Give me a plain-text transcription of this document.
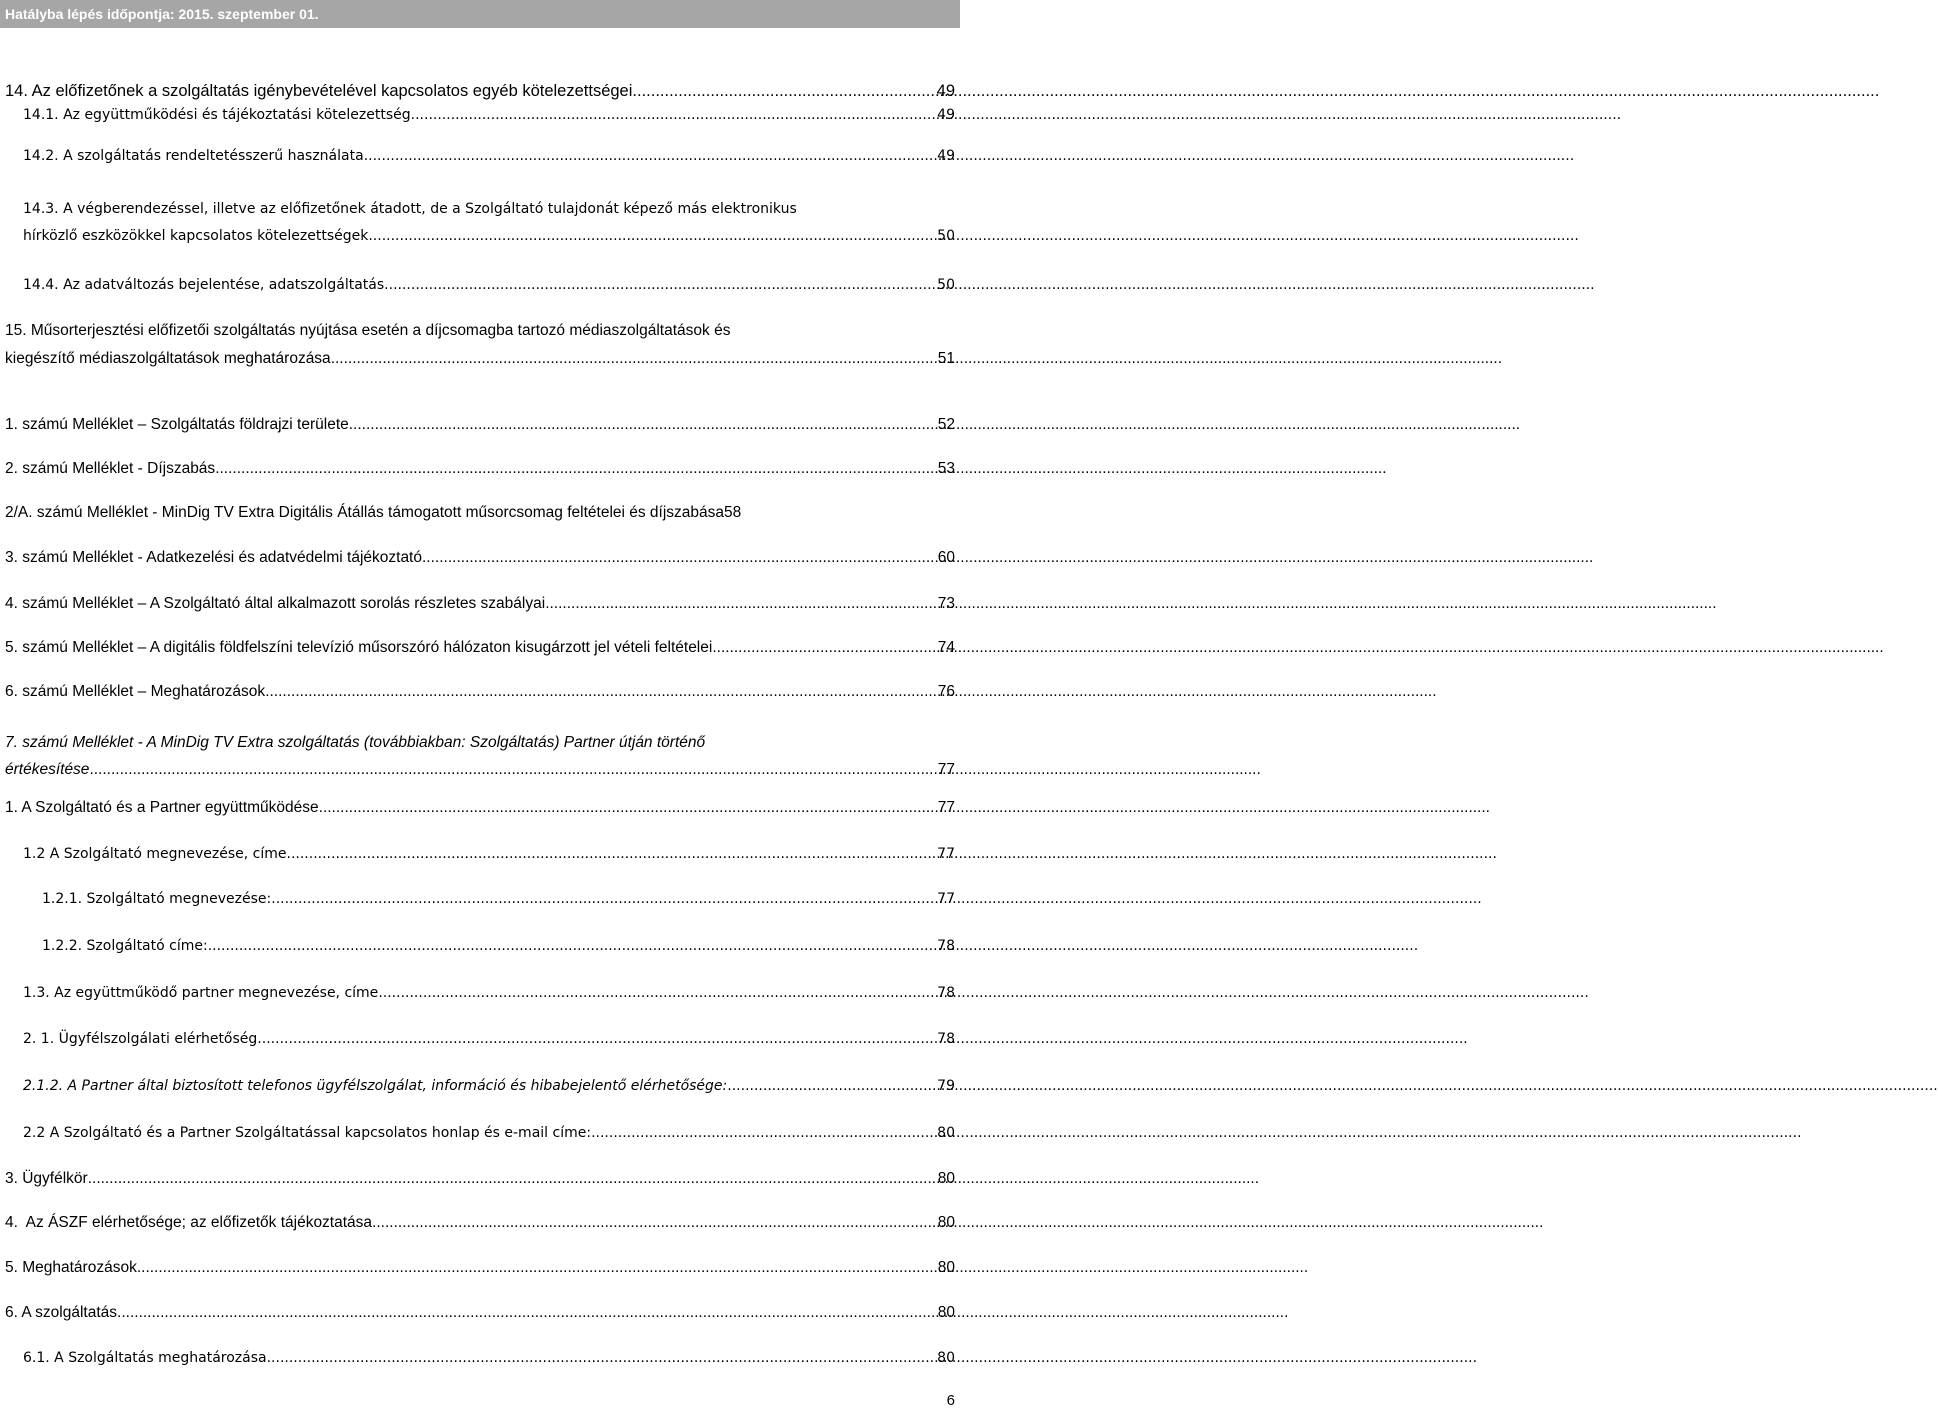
Hatályba lépés időpontja: 2015. szeptember 01.
14. Az előfizetőnek a szolgáltatás igénybevételével kapcsolatos egyéb kötelezettségei .....	49
14.1. Az együttműködési és tájékoztatási kötelezettség .....	49
14.2. A szolgáltatás rendeltetésszerű használata .....	49
14.3. A végberendezéssel, illetve az előfizetőnek átadott, de a Szolgáltató tulajdonát képező más elektronikus
hírközlő eszközökkel kapcsolatos kötelezettségek .....	50
14.4. Az adatváltozás bejelentése, adatszolgáltatás .....	50
15. Műsorterjesztési előfizetői szolgáltatás nyújtása esetén a díjcsomagba tartozó médiaszolgáltatások és
kiegészítő médiaszolgáltatások meghatározása .....	51
1. számú Melléklet – Szolgáltatás földrajzi területe .....	52
2. számú Melléklet - Díjszabás .....	53
2/A. számú Melléklet - MinDig TV Extra Digitális Átállás támogatott műsorcsomag feltételei és díjszabása 58
3. számú Melléklet - Adatkezelési és adatvédelmi tájékoztató .....	60
4. számú Melléklet – A Szolgáltató által alkalmazott sorolás részletes szabályai .....	73
5. számú Melléklet – A digitális földfelszíni televízió műsorszóró hálózaton kisugárzott jel vételi feltételei .....	74
6. számú Melléklet – Meghatározások .....	76
7. számú Melléklet - A MinDig TV Extra szolgáltatás (továbbiakban: Szolgáltatás) Partner útján történő
értékesítése .....	77
1. A Szolgáltató és a Partner együttműködése .....	77
1.2 A Szolgáltató megnevezése, címe .....	77
1.2.1. Szolgáltató megnevezése: .....	77
1.2.2. Szolgáltató címe: .....	78
1.3. Az együttműködő partner megnevezése, címe .....	78
2. 1. Ügyfélszolgálati elérhetőség .....	78
2.1.2. A Partner által biztosított telefonos ügyfélszolgálat, információ és hibabejelentő elérhetősége: .....	79
2.2 A Szolgáltató és a Partner Szolgáltatással kapcsolatos honlap és e-mail címe: .....	80
3. Ügyfélkör .....	80
4.  Az ÁSZF elérhetősége; az előfizetők tájékoztatása .....	80
5. Meghatározások .....	80
6. A szolgáltatás .....	80
6.1. A Szolgáltatás meghatározása .....	80
6
